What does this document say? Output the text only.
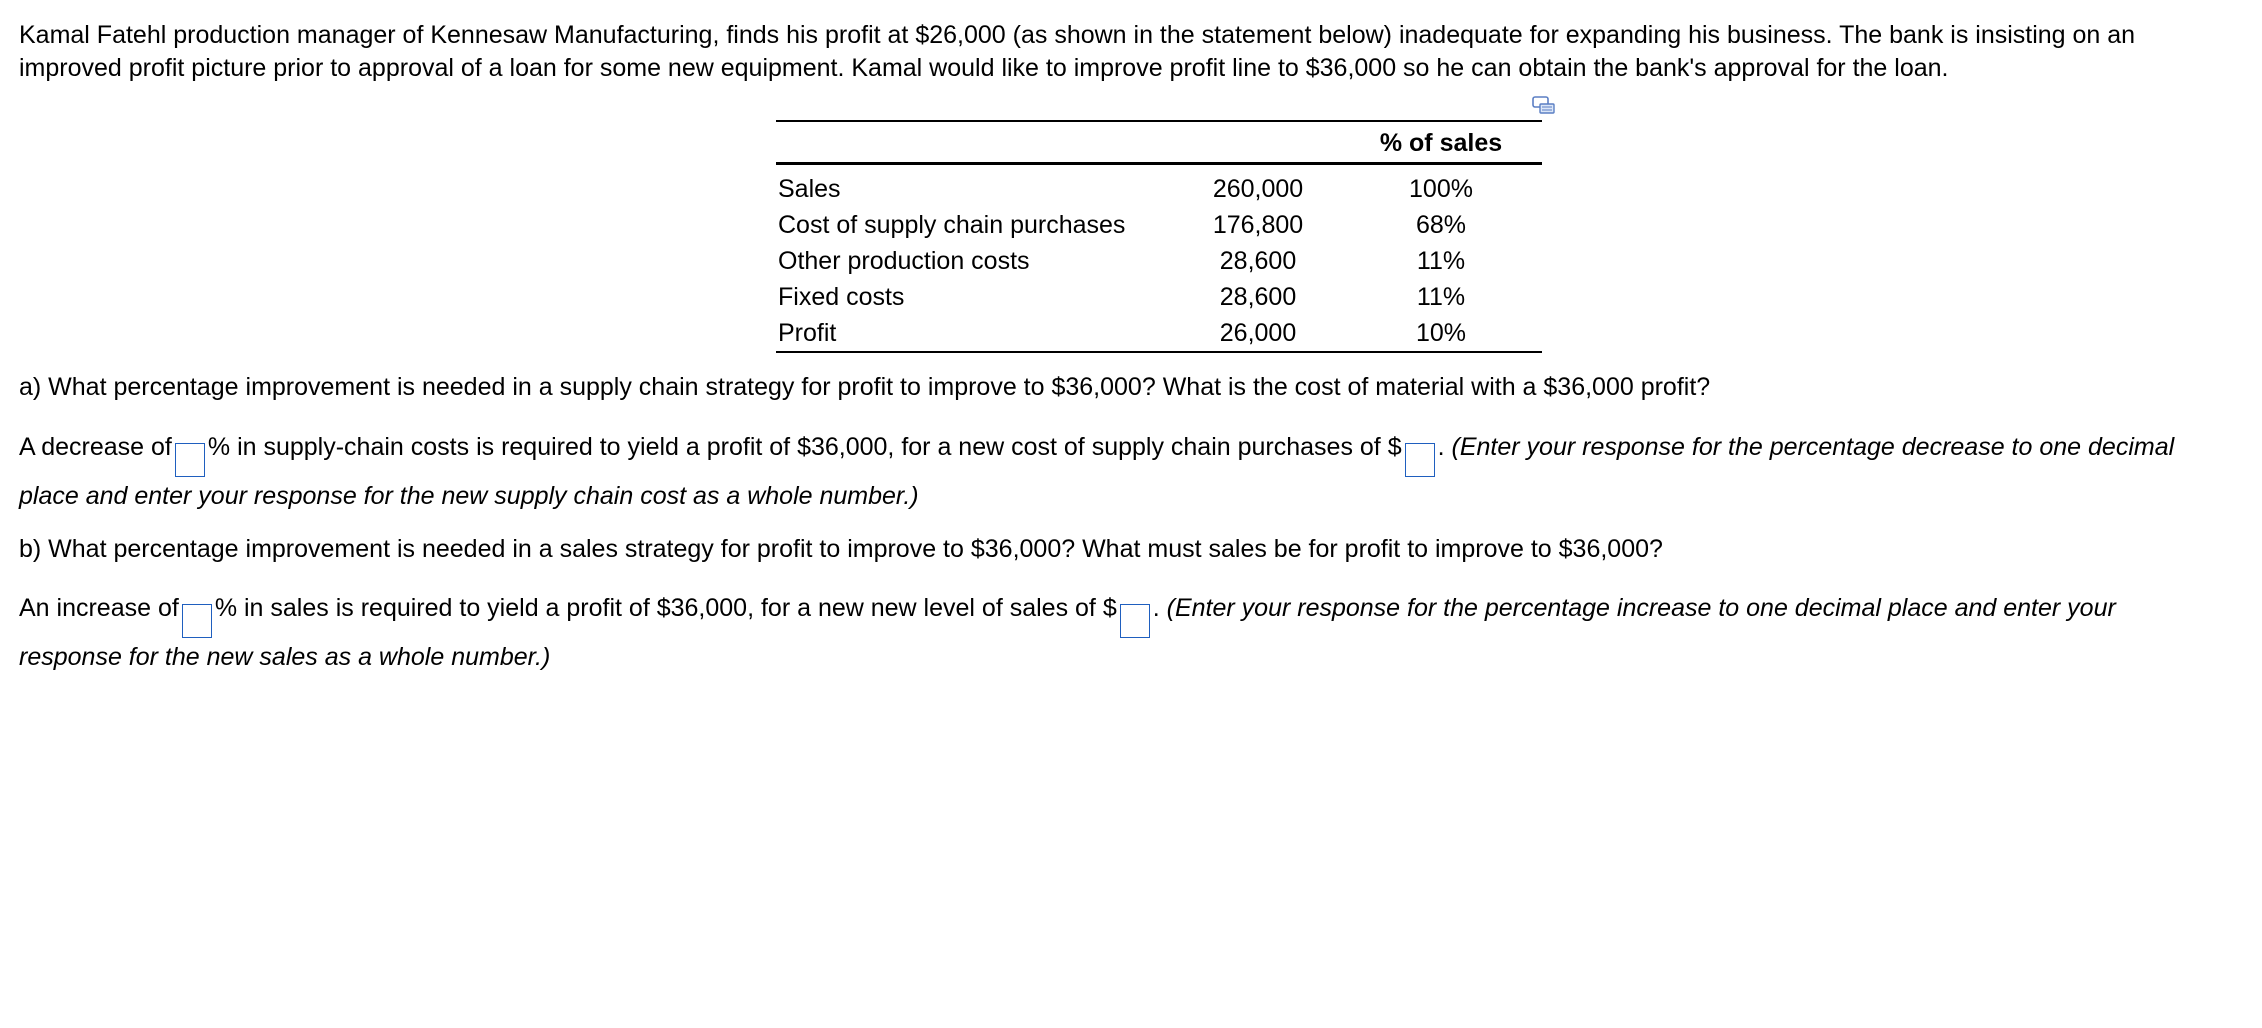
Kamal Fatehl production manager of Kennesaw Manufacturing, finds his profit at $26,000 (as shown in the statement below) inadequate for expanding his business. The bank is insisting on an
improved profit picture prior to approval of a loan for some new equipment. Kamal would like to improve profit line to $36,000 so he can obtain the bank's approval for the loan.

		% of sales
Sales	260,000	100%
Cost of supply chain purchases	176,800	68%
Other production costs	28,600	11%
Fixed costs	28,600	11%
Profit	26,000	10%

a) What percentage improvement is needed in a supply chain strategy for profit to improve to $36,000? What is the cost of material with a $36,000 profit?

A decrease of % in supply-chain costs is required to yield a profit of $36,000, for a new cost of supply chain purchases of $ . (Enter your response for the percentage decrease to one decimal
place and enter your response for the new supply chain cost as a whole number.)

b) What percentage improvement is needed in a sales strategy for profit to improve to $36,000? What must sales be for profit to improve to $36,000?

An increase of % in sales is required to yield a profit of $36,000, for a new new level of sales of $ . (Enter your response for the percentage increase to one decimal place and enter your
response for the new sales as a whole number.)
